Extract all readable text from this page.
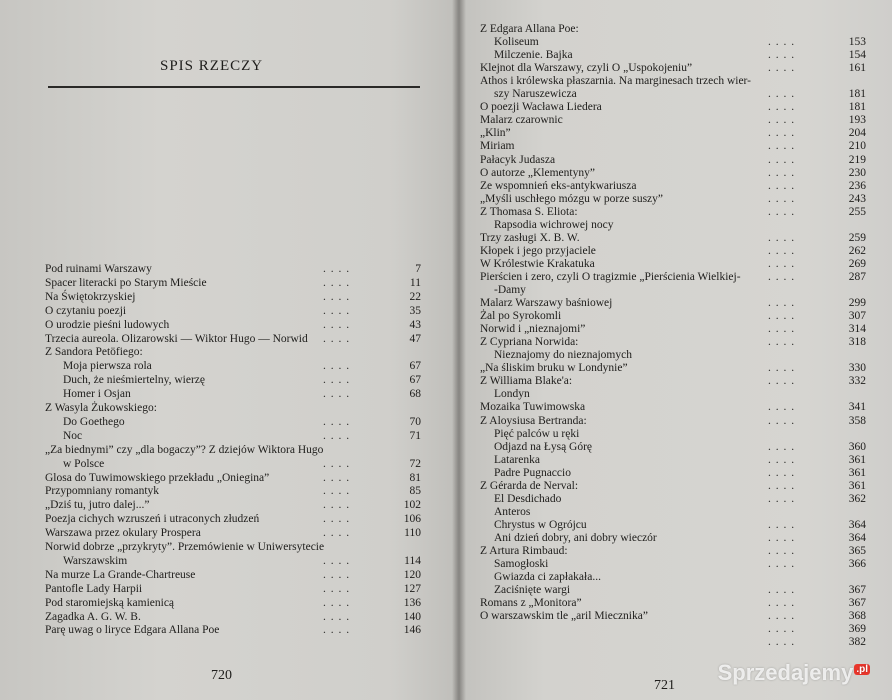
SPIS RZECZY
Pod ruinami Warszawy	. . . .	7
Spacer literacki po Starym Mieście	. . . .	11
Na Świętokrzyskiej	. . . .	22
O czytaniu poezji	. . . .	35
O urodzie pieśni ludowych	. . . .	43
Trzecia aureola. Olizarowski — Wiktor Hugo — Norwid . . . .	47
Z Sandora Petöfiego:
Moja pierwsza rola	. . . .	67
Duch, że nieśmiertelny, wierzę	. . . .	67
Homer i Osjan	. . . .	68
Z Wasyla Żukowskiego:
Do Goethego	. . . .	70
Noc	. . . .	71
„Za biednymi” czy „dla bogaczy”? Z dziejów Wiktora Hugo
w Polsce	. . . .	72
Glosa do Tuwimowskiego przekładu „Oniegina”	. . . .	81
Przypomniany romantyk	. . . .	85
„Dziś tu, jutro dalej...”	. . . .	102
Poezja cichych wzruszeń i utraconych złudzeń	. . . .	106
Warszawa przez okulary Prospera	. . . .	110
Norwid dobrze „przykryty”. Przemówienie w Uniwersytecie
Warszawskim	. . . .	114
Na murze La Grande-Chartreuse	. . . .	120
Pantofle Lady Harpii	. . . .	127
Pod staromiejską kamienicą	. . . .	136
Zagadka A. G. W. B.	. . . .	140
Parę uwag o liryce Edgara Allana Poe	. . . .	146
720
Z Edgara Allana Poe:
Koliseum	. . . .	153
Milczenie. Bajka	. . . .	154
Klejnot dla Warszawy, czyli O „Uspokojeniu”	. . . .	161
Athos i królewska płaszarnia. Na marginesach trzech wier-
szy Naruszewicza	. . . .	181
O poezji Wacława Liedera	. . . .	181
Malarz czarownic	. . . .	193
„Klin”	. . . .	204
Miriam	. . . .	210
Pałacyk Judasza	. . . .	219
O autorze „Klementyny”	. . . .	230
Ze wspomnień eks-antykwariusza	. . . .	236
„Myśli uschłego mózgu w porze suszy”	. . . .	243
Z Thomasa S. Eliota:	. . . .	255
Rapsodia wichrowej nocy
Trzy zasługi X. B. W.	. . . .	259
Kłopek i jego przyjaciele	. . . .	262
W Królestwie Krakatuka	. . . .	269
Pierścien i zero, czyli O tragizmie „Pierścienia Wielkiej- . . . .	287
-Damy
Malarz Warszawy baśniowej	. . . .	299
Żal po Syrokomli	. . . .	307
Norwid i „nieznajomi”	. . . .	314
Z Cypriana Norwida:	. . . .	318
Nieznajomy do nieznajomych
„Na śliskim bruku w Londynie”	. . . .	330
Z Williama Blake'a:	. . . .	332
Londyn
Mozaika Tuwimowska	. . . .	341
Z Aloysiusa Bertranda:	. . . .	358
Pięć palców u ręki
Odjazd na Łysą Górę	. . . .	360
Latarenka	. . . .	361
Padre Pugnaccio	. . . .	361
Z Gérarda de Nerval:	. . . .	361
El Desdichado	. . . .	362
Anteros
Chrystus w Ogrójcu	. . . .	364
Ani dzień dobry, ani dobry wieczór	. . . .	364
Z Artura Rimbaud:	. . . .	365
Samogłoski	. . . .	366
Gwiazda ci zapłakała...
Zaciśnięte wargi	. . . .	367
Romans z „Monitora”	. . . .	367
O warszawskim tle „aril Miecznika”	. . . .	368
. . . .	369
. . . .	382
721
Sprzedajemy .pl
